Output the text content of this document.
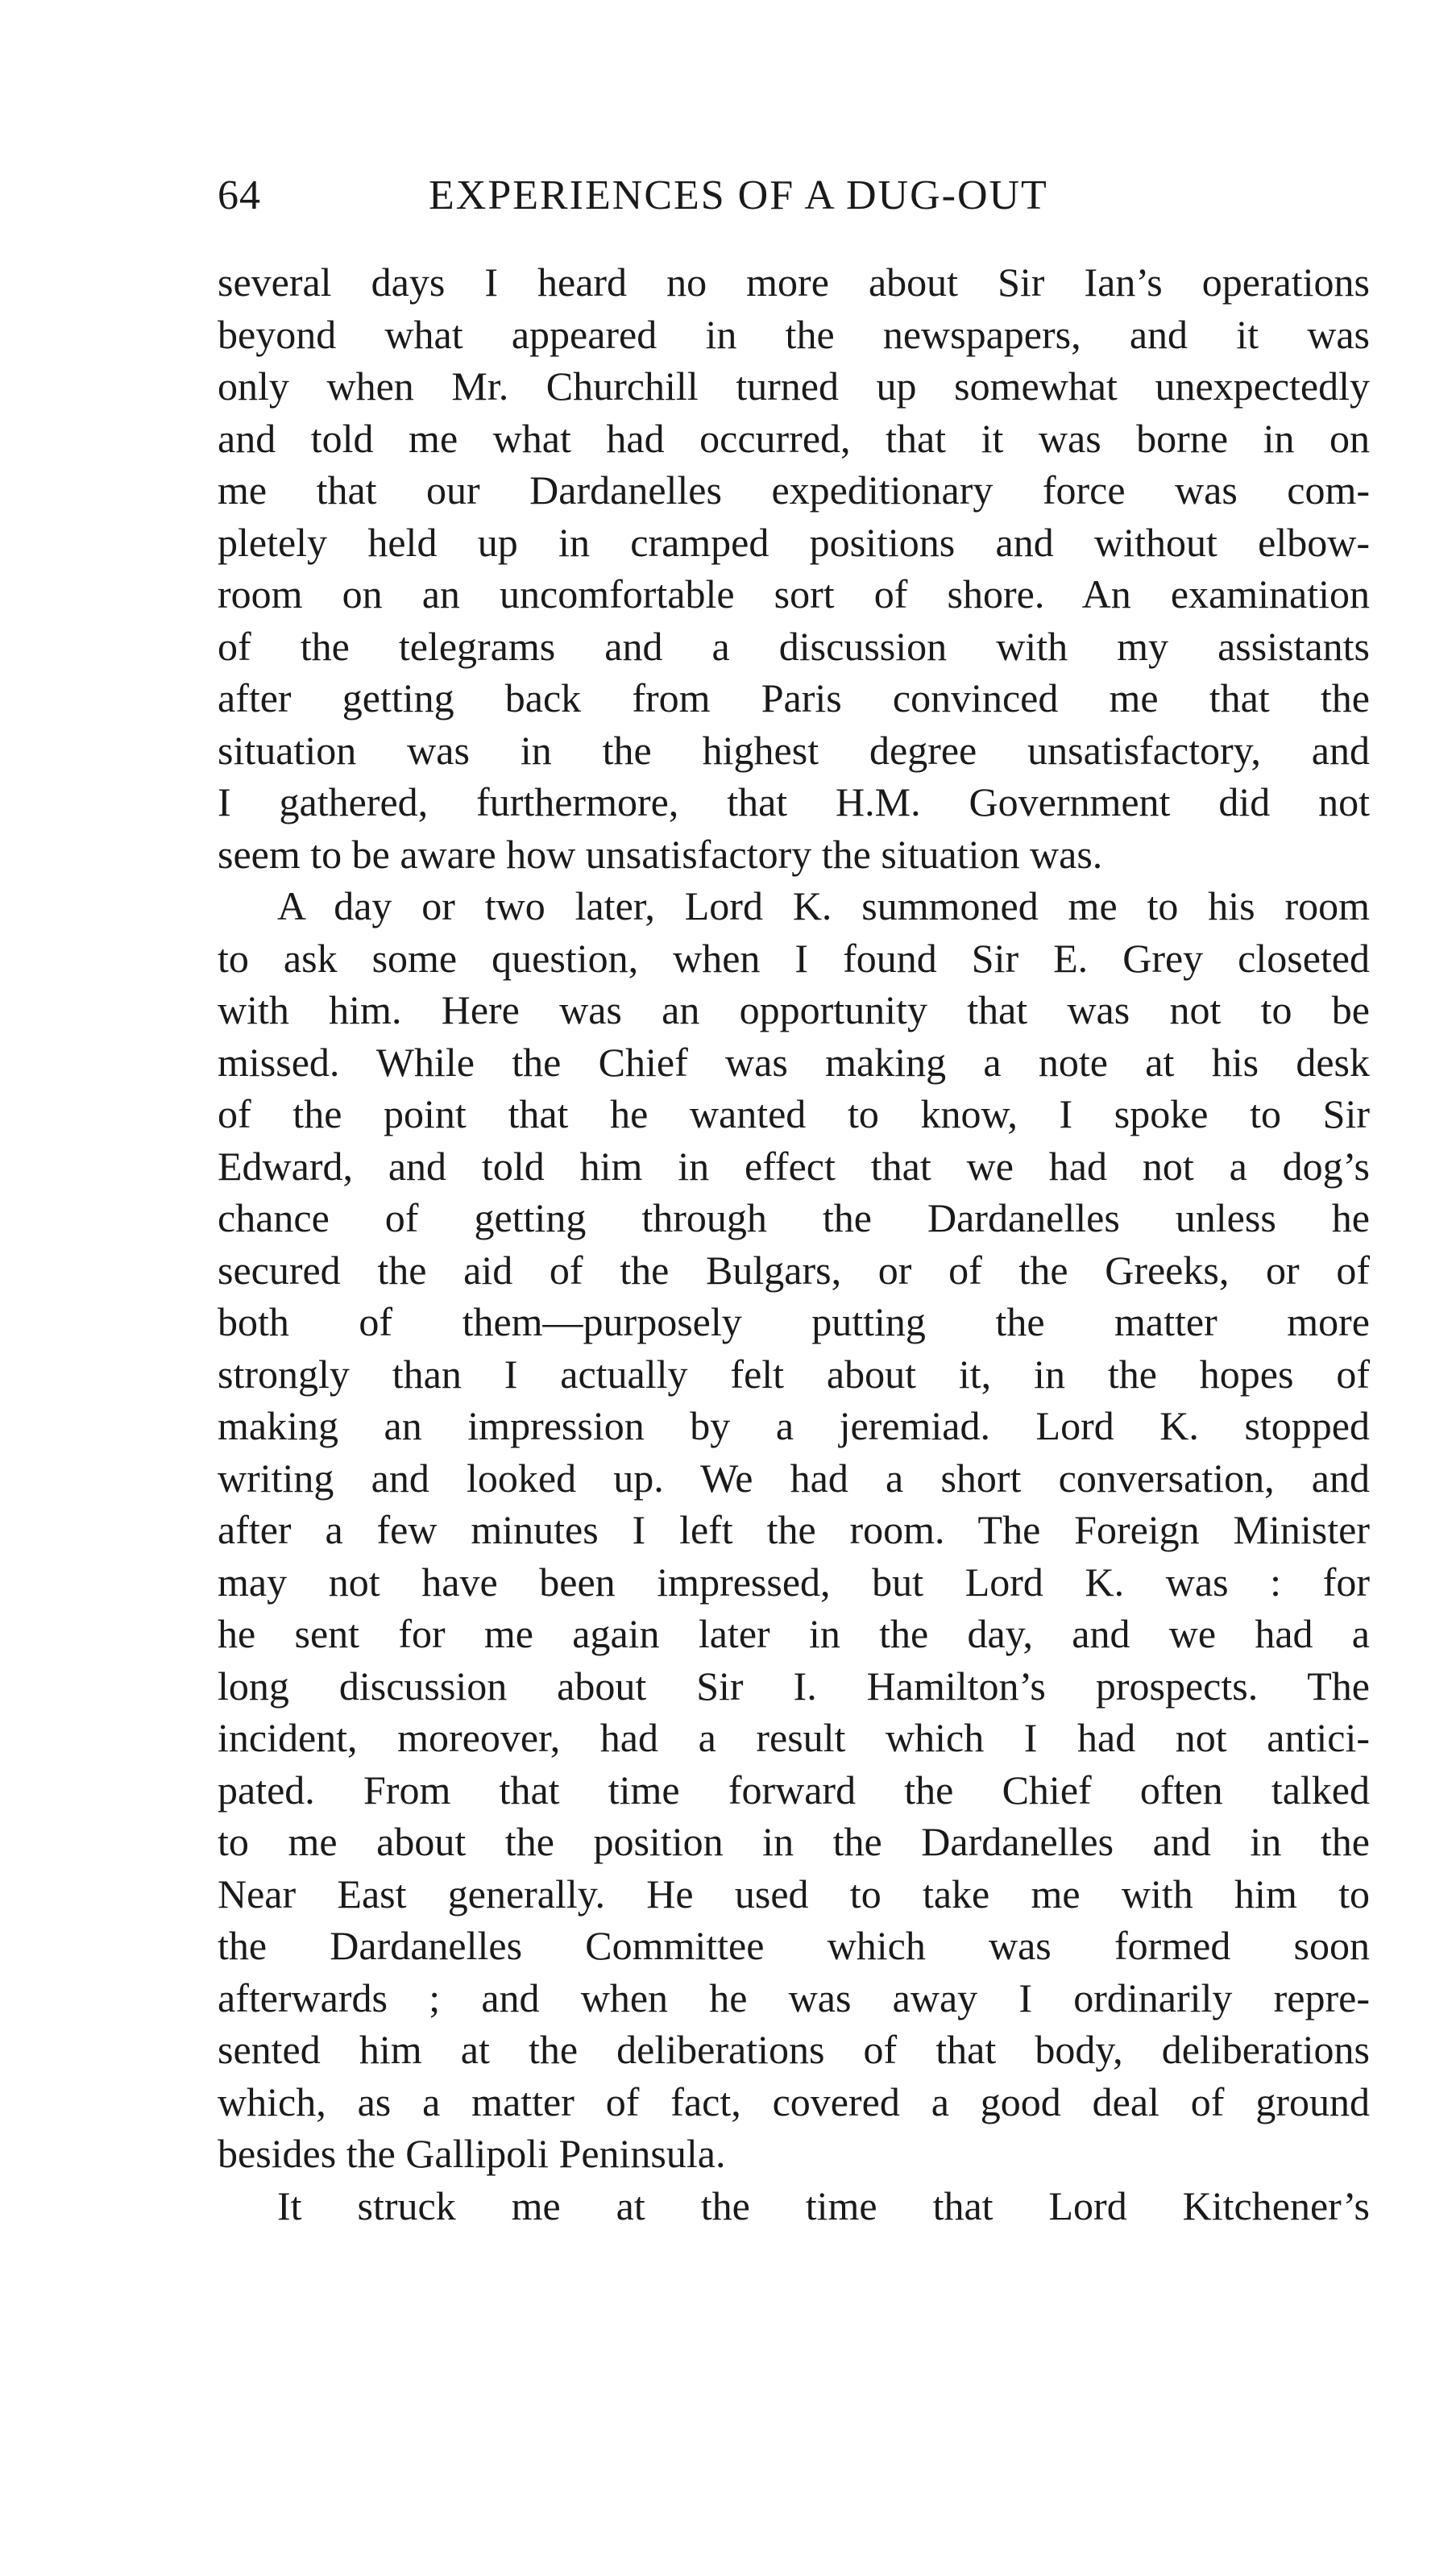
64	EXPERIENCES OF A DUG-OUT
several days I heard no more about Sir Ian’s operations
beyond what appeared in the newspapers, and it was
only when Mr. Churchill turned up somewhat unexpectedly
and told me what had occurred, that it was borne in on
me that our Dardanelles expeditionary force was com-
pletely held up in cramped positions and without elbow-
room on an uncomfortable sort of shore. An examination
of the telegrams and a discussion with my assistants
after getting back from Paris convinced me that the
situation was in the highest degree unsatisfactory, and
I gathered, furthermore, that H.M. Government did not
seem to be aware how unsatisfactory the situation was.
A day or two later, Lord K. summoned me to his room
to ask some question, when I found Sir E. Grey closeted
with him. Here was an opportunity that was not to be
missed. While the Chief was making a note at his desk
of the point that he wanted to know, I spoke to Sir
Edward, and told him in effect that we had not a dog’s
chance of getting through the Dardanelles unless he
secured the aid of the Bulgars, or of the Greeks, or of
both of them—purposely putting the matter more
strongly than I actually felt about it, in the hopes of
making an impression by a jeremiad. Lord K. stopped
writing and looked up. We had a short conversation, and
after a few minutes I left the room. The Foreign Minister
may not have been impressed, but Lord K. was : for
he sent for me again later in the day, and we had a
long discussion about Sir I. Hamilton’s prospects. The
incident, moreover, had a result which I had not antici-
pated. From that time forward the Chief often talked
to me about the position in the Dardanelles and in the
Near East generally. He used to take me with him to
the Dardanelles Committee which was formed soon
afterwards ; and when he was away I ordinarily repre-
sented him at the deliberations of that body, deliberations
which, as a matter of fact, covered a good deal of ground
besides the Gallipoli Peninsula.
It struck me at the time that Lord Kitchener’s
